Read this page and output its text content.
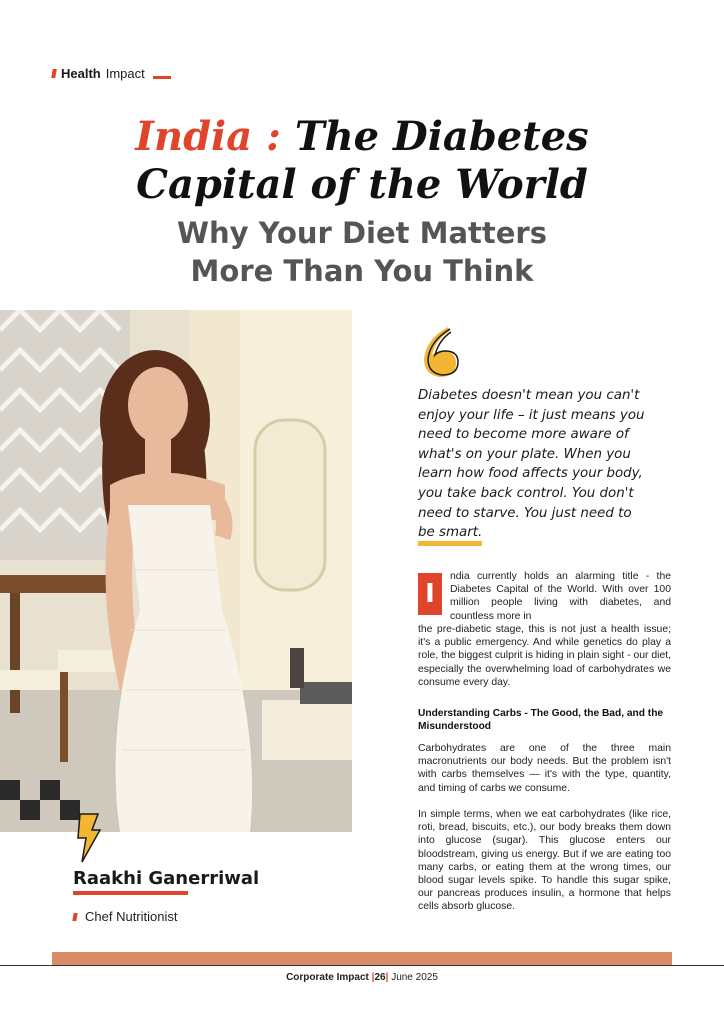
Health Impact
India : The Diabetes
Capital of the World
Why Your Diet Matters
More Than You Think
Diabetes doesn't mean you can't enjoy your life – it just means you need to become more aware of what's on your plate. When you learn how food affects your body, you take back control. You don't need to starve. You just need to be smart.
I
ndia currently holds an alarming title - the Diabetes Capital of the World. With over 100 million people living with diabetes, and countless more in
the pre-diabetic stage, this is not just a health issue; it's a public emergency. And while genetics do play a role, the biggest culprit is hiding in plain sight - our diet, especially the overwhelming load of carbohydrates we consume every day.
Understanding Carbs - The Good, the Bad, and the Misunderstood
Carbohydrates are one of the three main macronutrients our body needs. But the problem isn't with carbs themselves — it's with the type, quantity, and timing of carbs we consume.
In simple terms, when we eat carbohydrates (like rice, roti, bread, biscuits, etc.), our body breaks them down into glucose (sugar). This glucose enters our bloodstream, giving us energy. But if we are eating too many carbs, or eating them at the wrong times, our blood sugar levels spike. To handle this sugar spike, our pancreas produces insulin, a hormone that helps cells absorb glucose.
Raakhi Ganerriwal
Chef Nutritionist
Corporate Impact |26| June 2025
